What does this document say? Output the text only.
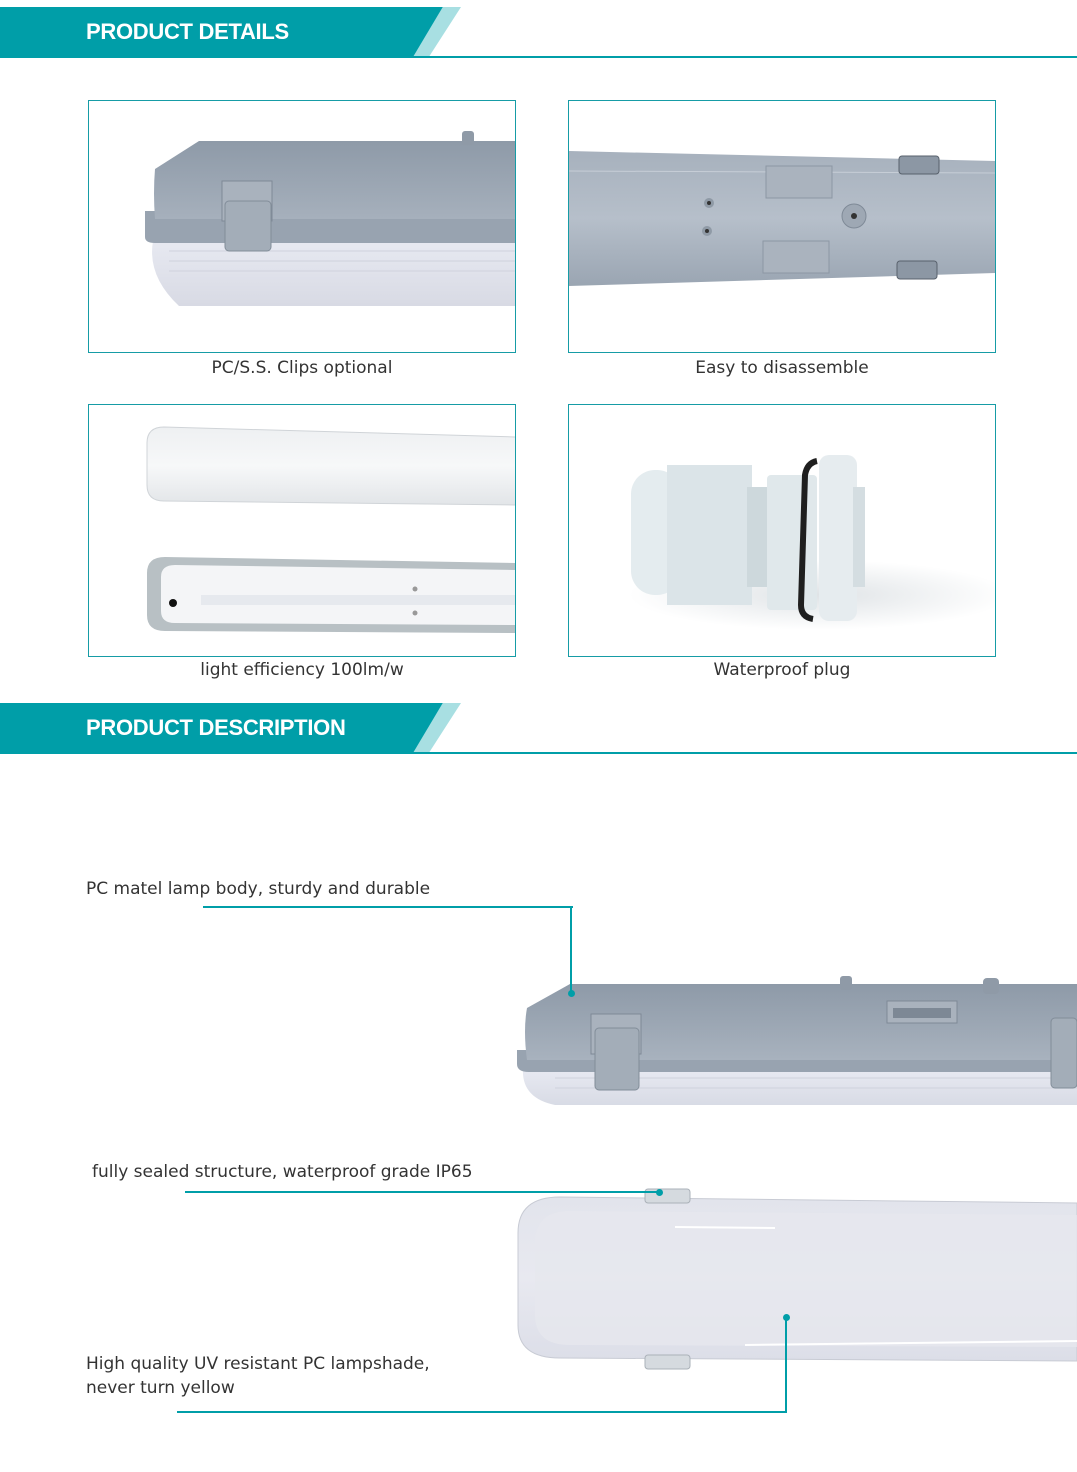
PRODUCT DETAILS
PC/S.S. Clips optional	Easy to disassemble
light efficiency 100lm/w	Waterproof plug
PRODUCT DESCRIPTION
PC matel lamp body, sturdy and durable
fully sealed structure, waterproof grade IP65
High quality UV resistant PC lampshade,
never turn yellow
